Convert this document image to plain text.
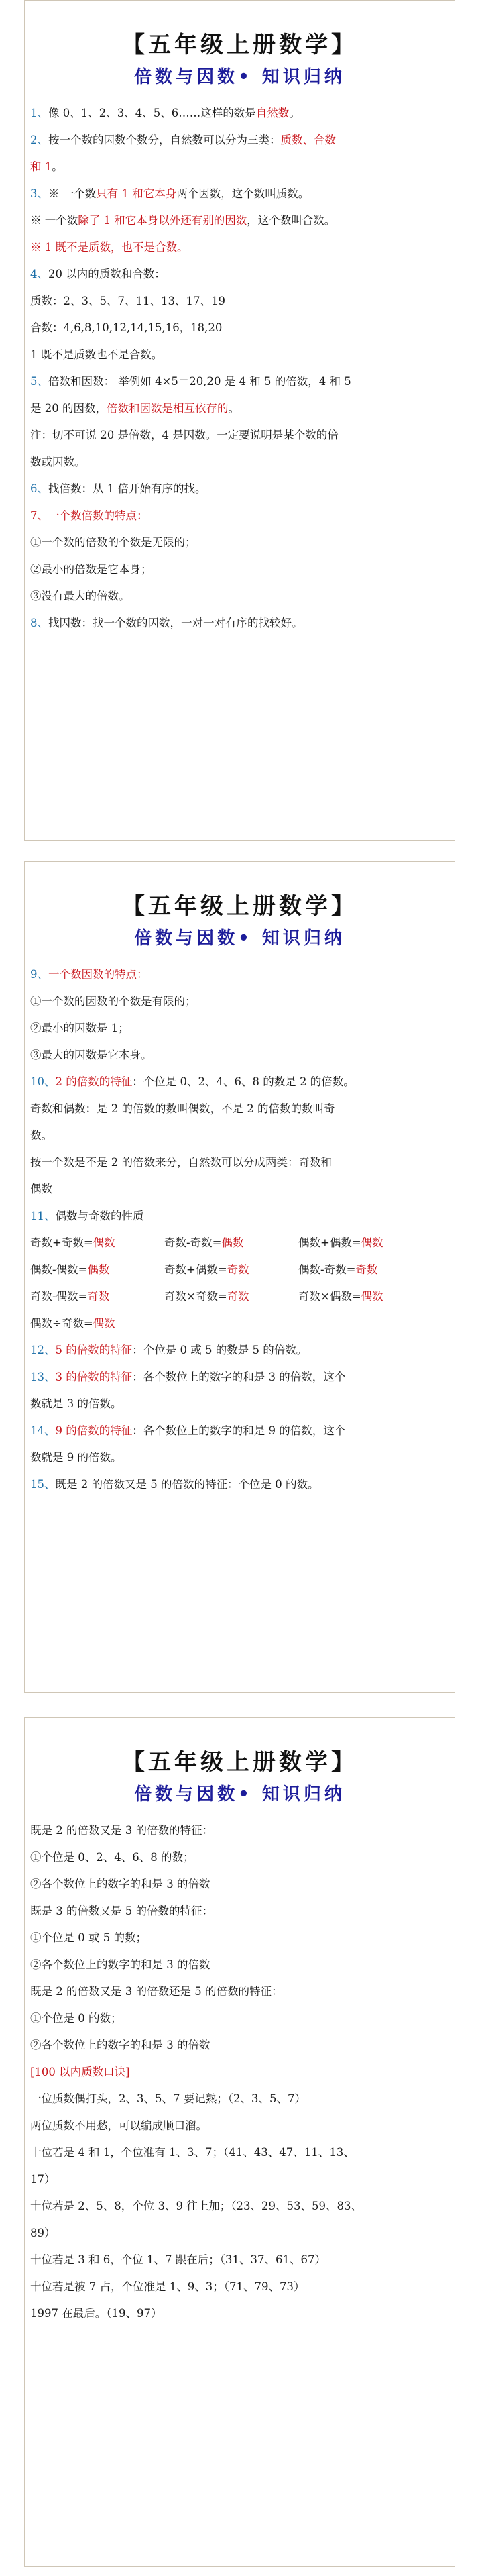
【五年级上册数学】
倍数与因数• 知识归纳
1、像 0、1、2、3、4、5、6……这样的数是自然数。
2、按一个数的因数个数分，自然数可以分为三类：质数、合数
和 1。
3、※ 一个数只有 1 和它本身两个因数，这个数叫质数。
※ 一个数除了 1 和它本身以外还有别的因数，这个数叫合数。
※ 1 既不是质数，也不是合数。
4、20 以内的质数和合数：
质数：2、3、5、7、11、13、17、19
合数：4,6,8,10,12,14,15,16，18,20
1 既不是质数也不是合数。
5、倍数和因数： 举例如 4×5＝20,20 是 4 和 5 的倍数，4 和 5
是 20 的因数，倍数和因数是相互依存的。
注：切不可说 20 是倍数，4 是因数。一定要说明是某个数的倍
数或因数。
6、找倍数：从 1 倍开始有序的找。
7、一个数倍数的特点：
①一个数的倍数的个数是无限的；
②最小的倍数是它本身；
③没有最大的倍数。
8、找因数：找一个数的因数，一对一对有序的找较好。
【五年级上册数学】
倍数与因数• 知识归纳
9、一个数因数的特点：
①一个数的因数的个数是有限的；
②最小的因数是 1；
③最大的因数是它本身。
10、2 的倍数的特征：个位是 0、2、4、6、8 的数是 2 的倍数。
奇数和偶数：是 2 的倍数的数叫偶数，不是 2 的倍数的数叫奇
数。
按一个数是不是 2 的倍数来分，自然数可以分成两类：奇数和
偶数
11、偶数与奇数的性质
奇数+奇数=偶数	奇数-奇数=偶数	偶数+偶数=偶数
偶数-偶数=偶数	奇数+偶数=奇数	偶数-奇数=奇数
奇数-偶数=奇数	奇数×奇数=奇数	奇数×偶数=偶数
偶数÷奇数=偶数
12、5 的倍数的特征：个位是 0 或 5 的数是 5 的倍数。
13、3 的倍数的特征：各个数位上的数字的和是 3 的倍数，这个
数就是 3 的倍数。
14、9 的倍数的特征：各个数位上的数字的和是 9 的倍数，这个
数就是 9 的倍数。
15、既是 2 的倍数又是 5 的倍数的特征：个位是 0 的数。
【五年级上册数学】
倍数与因数• 知识归纳
既是 2 的倍数又是 3 的倍数的特征：
①个位是 0、2、4、6、8 的数；
②各个数位上的数字的和是 3 的倍数
既是 3 的倍数又是 5 的倍数的特征：
①个位是 0 或 5 的数；
②各个数位上的数字的和是 3 的倍数
既是 2 的倍数又是 3 的倍数还是 5 的倍数的特征：
①个位是 0 的数；
②各个数位上的数字的和是 3 的倍数
[100 以内质数口诀]
一位质数偶打头，2、3、5、7 要记熟；（2、3、5、7）
两位质数不用愁，可以编成顺口溜。
十位若是 4 和 1，个位准有 1、3、7；（41、43、47、11、13、
17）
十位若是 2、5、8，个位 3、9 往上加；（23、29、53、59、83、
89）
十位若是 3 和 6，个位 1、7 跟在后；（31、37、61、67）
十位若是被 7 占，个位准是 1、9、3；（71、79、73）
1997 在最后。（19、97）
